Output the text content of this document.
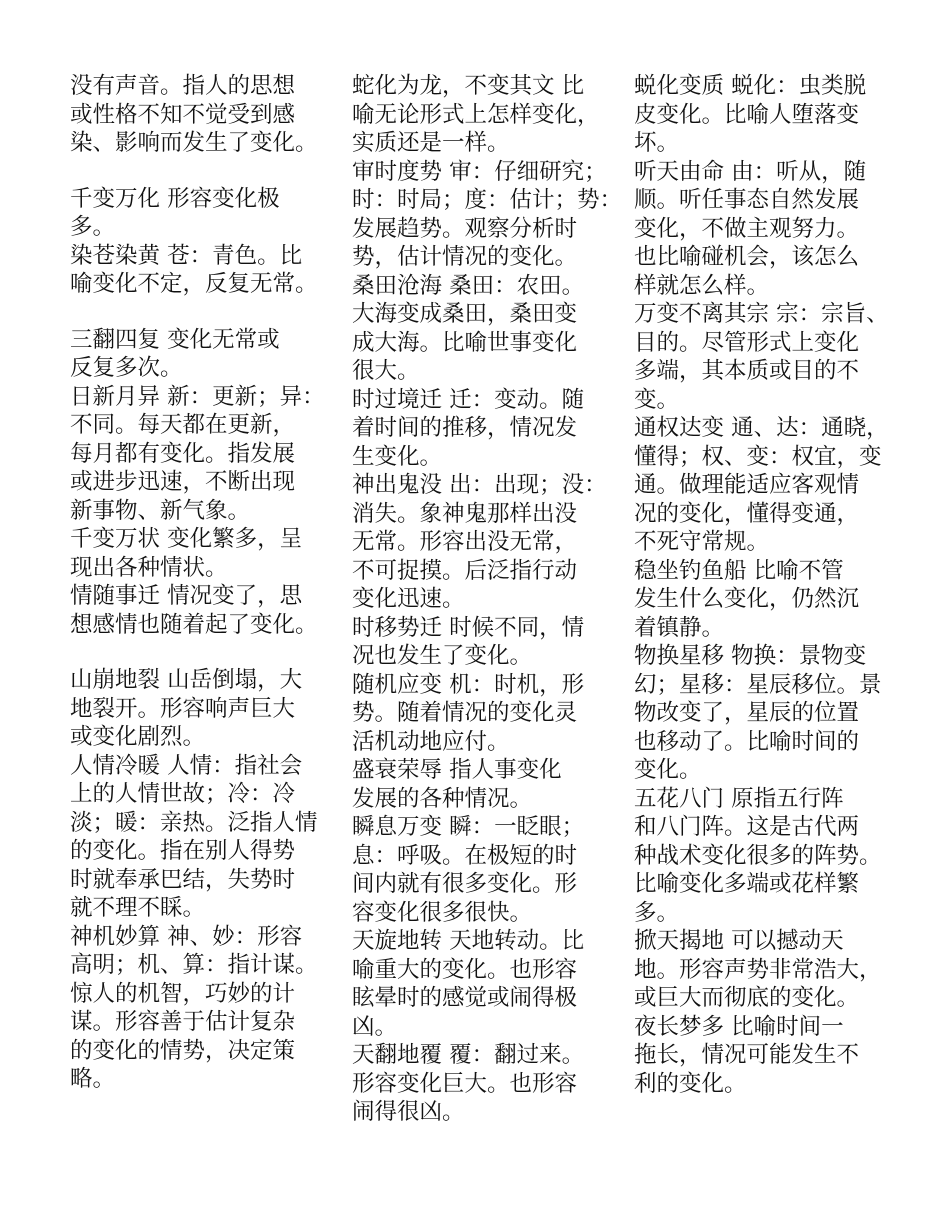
没有声音。指人的思想
或性格不知不觉受到感
染、影响而发生了变化。
千变万化 形容变化极
多。
染苍染黄 苍：青色。比
喻变化不定，反复无常。
三翻四复 变化无常或
反复多次。
日新月异 新：更新；异：
不同。每天都在更新，
每月都有变化。指发展
或进步迅速，不断出现
新事物、新气象。
千变万状 变化繁多，呈
现出各种情状。
情随事迁 情况变了，思
想感情也随着起了变化。
山崩地裂 山岳倒塌，大
地裂开。形容响声巨大
或变化剧烈。
人情冷暖 人情：指社会
上的人情世故；冷：冷
淡；暖：亲热。泛指人情
的变化。指在别人得势
时就奉承巴结，失势时
就不理不睬。
神机妙算 神、妙：形容
高明；机、算：指计谋。
惊人的机智，巧妙的计
谋。形容善于估计复杂
的变化的情势，决定策
略。
蛇化为龙，不变其文 比
喻无论形式上怎样变化，
实质还是一样。
审时度势 审：仔细研究；
时：时局；度：估计；势：
发展趋势。观察分析时
势，估计情况的变化。
桑田沧海 桑田：农田。
大海变成桑田，桑田变
成大海。比喻世事变化
很大。
时过境迁 迁：变动。随
着时间的推移，情况发
生变化。
神出鬼没 出：出现；没：
消失。象神鬼那样出没
无常。形容出没无常，
不可捉摸。后泛指行动
变化迅速。
时移势迁 时候不同，情
况也发生了变化。
随机应变 机：时机，形
势。随着情况的变化灵
活机动地应付。
盛衰荣辱 指人事变化
发展的各种情况。
瞬息万变 瞬：一眨眼；
息：呼吸。在极短的时
间内就有很多变化。形
容变化很多很快。
天旋地转 天地转动。比
喻重大的变化。也形容
眩晕时的感觉或闹得极
凶。
天翻地覆 覆：翻过来。
形容变化巨大。也形容
闹得很凶。
蜕化变质 蜕化：虫类脱
皮变化。比喻人堕落变
坏。
听天由命 由：听从，随
顺。听任事态自然发展
变化，不做主观努力。
也比喻碰机会，该怎么
样就怎么样。
万变不离其宗 宗：宗旨、
目的。尽管形式上变化
多端，其本质或目的不
变。
通权达变 通、达：通晓，
懂得；权、变：权宜，变
通。做理能适应客观情
况的变化，懂得变通，
不死守常规。
稳坐钓鱼船 比喻不管
发生什么变化，仍然沉
着镇静。
物换星移 物换：景物变
幻；星移：星辰移位。景
物改变了，星辰的位置
也移动了。比喻时间的
变化。
五花八门 原指五行阵
和八门阵。这是古代两
种战术变化很多的阵势。
比喻变化多端或花样繁
多。
掀天揭地 可以撼动天
地。形容声势非常浩大，
或巨大而彻底的变化。
夜长梦多 比喻时间一
拖长，情况可能发生不
利的变化。
